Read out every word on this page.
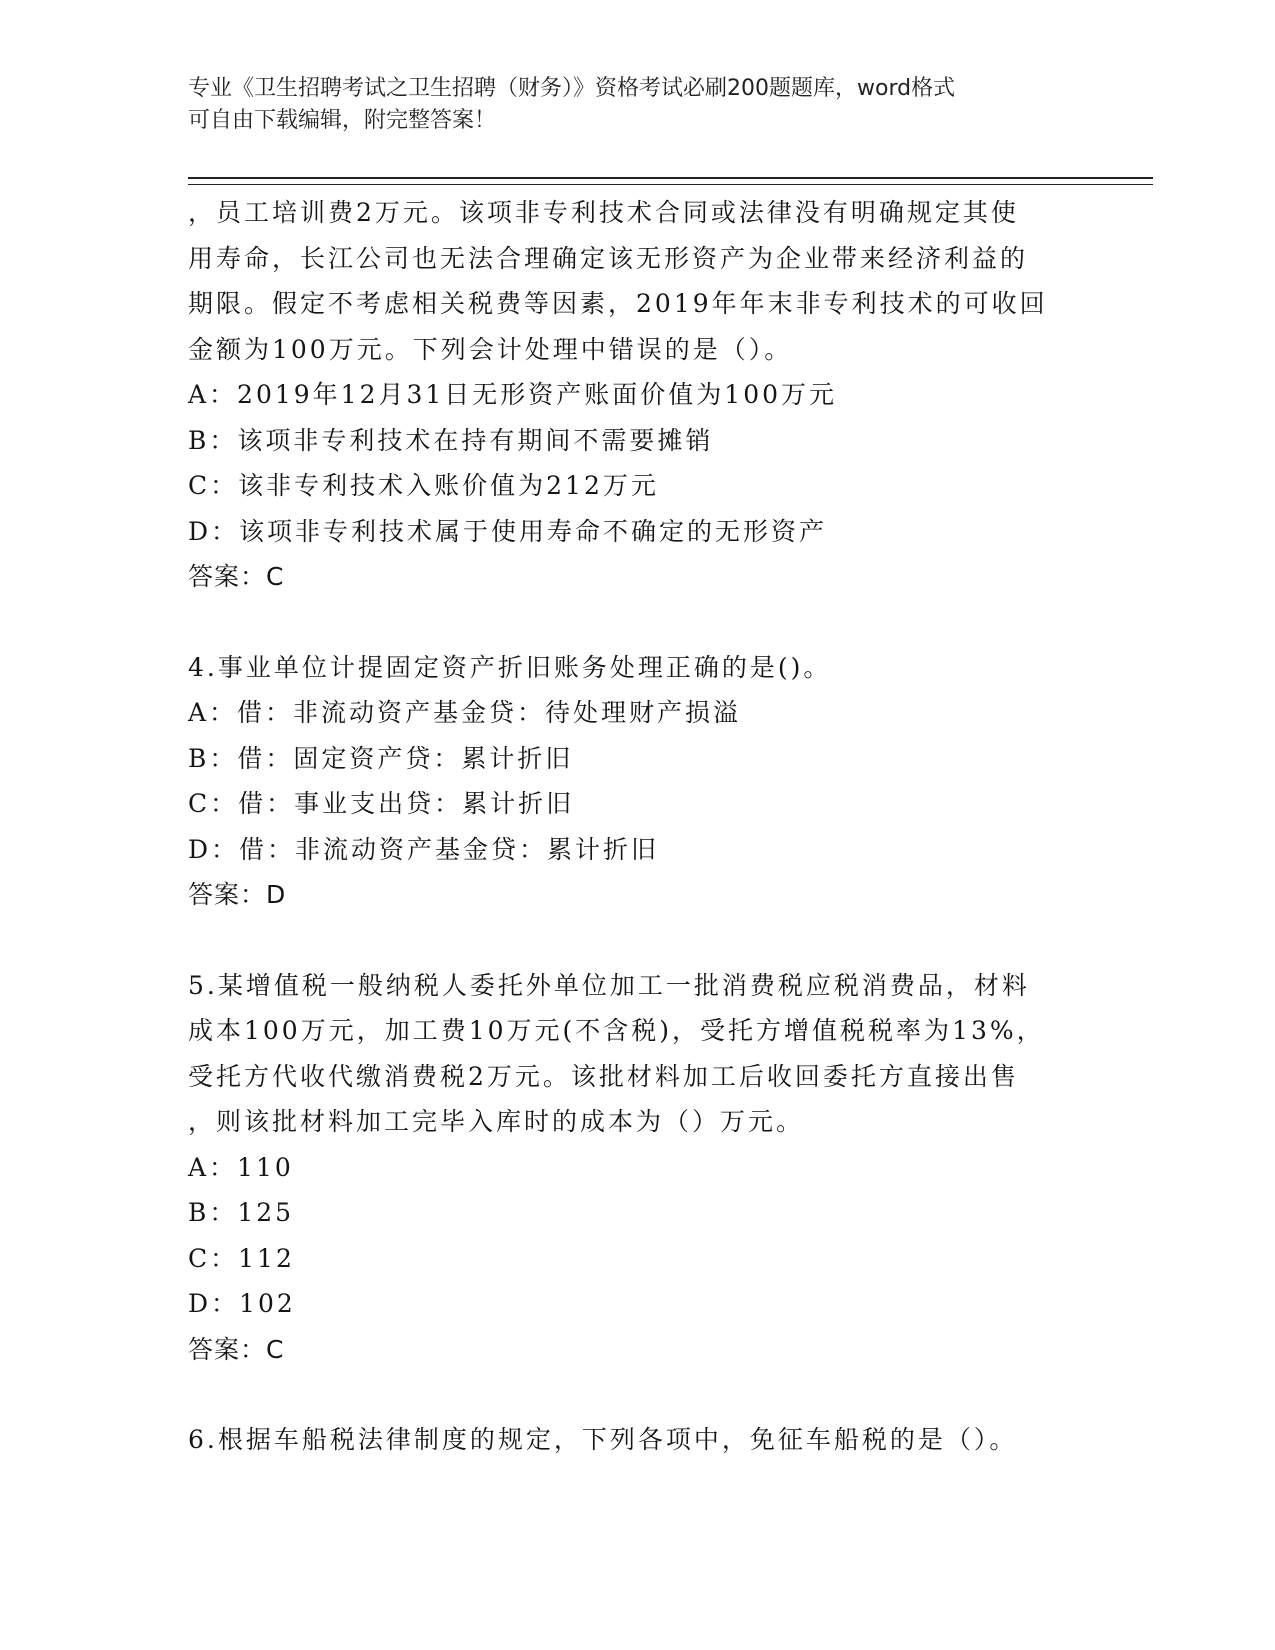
专业《卫生招聘考试之卫生招聘（财务）》资格考试必刷200题题库，word格式
可自由下载编辑，附完整答案！
，员工培训费2万元。该项非专利技术合同或法律没有明确规定其使
用寿命，长江公司也无法合理确定该无形资产为企业带来经济利益的
期限。假定不考虑相关税费等因素，2019年年末非专利技术的可收回
金额为100万元。下列会计处理中错误的是（）。
A：2019年12月31日无形资产账面价值为100万元
B：该项非专利技术在持有期间不需要摊销
C：该非专利技术入账价值为212万元
D：该项非专利技术属于使用寿命不确定的无形资产
答案：C
4.事业单位计提固定资产折旧账务处理正确的是()。
A：借：非流动资产基金贷：待处理财产损溢
B：借：固定资产贷：累计折旧
C：借：事业支出贷：累计折旧
D：借：非流动资产基金贷：累计折旧
答案：D
5.某增值税一般纳税人委托外单位加工一批消费税应税消费品，材料
成本100万元，加工费10万元(不含税)，受托方增值税税率为13%，
受托方代收代缴消费税2万元。该批材料加工后收回委托方直接出售
，则该批材料加工完毕入库时的成本为（）万元。
A：110
B：125
C：112
D：102
答案：C
6.根据车船税法律制度的规定，下列各项中，免征车船税的是（）。
